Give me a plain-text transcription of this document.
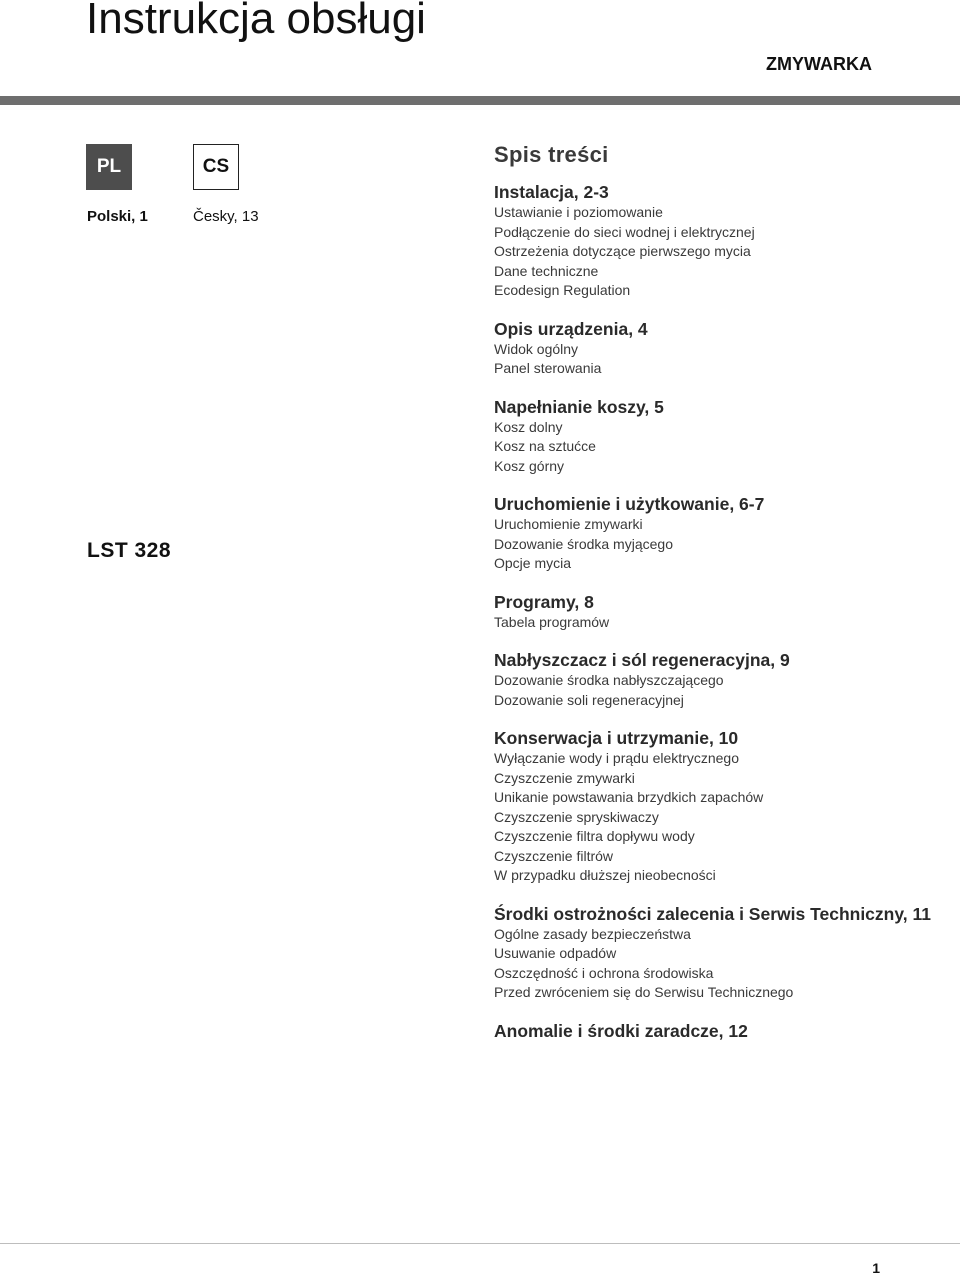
Instrukcja obsługi
ZMYWARKA
PL	CS
Polski, 1	Česky, 13
LST 328
Spis treści
Instalacja, 2-3
Ustawianie i poziomowanie
Podłączenie do sieci wodnej i elektrycznej
Ostrzeżenia dotyczące pierwszego mycia
Dane techniczne
Ecodesign Regulation
Opis urządzenia, 4
Widok ogólny
Panel sterowania
Napełnianie koszy, 5
Kosz dolny
Kosz na sztućce
Kosz górny
Uruchomienie i użytkowanie, 6-7
Uruchomienie zmywarki
Dozowanie środka myjącego
Opcje mycia
Programy, 8
Tabela programów
Nabłyszczacz i sól regeneracyjna, 9
Dozowanie środka nabłyszczającego
Dozowanie soli regeneracyjnej
Konserwacja i utrzymanie, 10
Wyłączanie wody i prądu elektrycznego
Czyszczenie zmywarki
Unikanie powstawania brzydkich zapachów
Czyszczenie spryskiwaczy
Czyszczenie filtra dopływu wody
Czyszczenie filtrów
W przypadku dłuższej nieobecności
Środki ostrożności zalecenia i Serwis Techniczny, 11
Ogólne zasady bezpieczeństwa
Usuwanie odpadów
Oszczędność i ochrona środowiska
Przed zwróceniem się do Serwisu Technicznego
Anomalie i środki zaradcze, 12
1
